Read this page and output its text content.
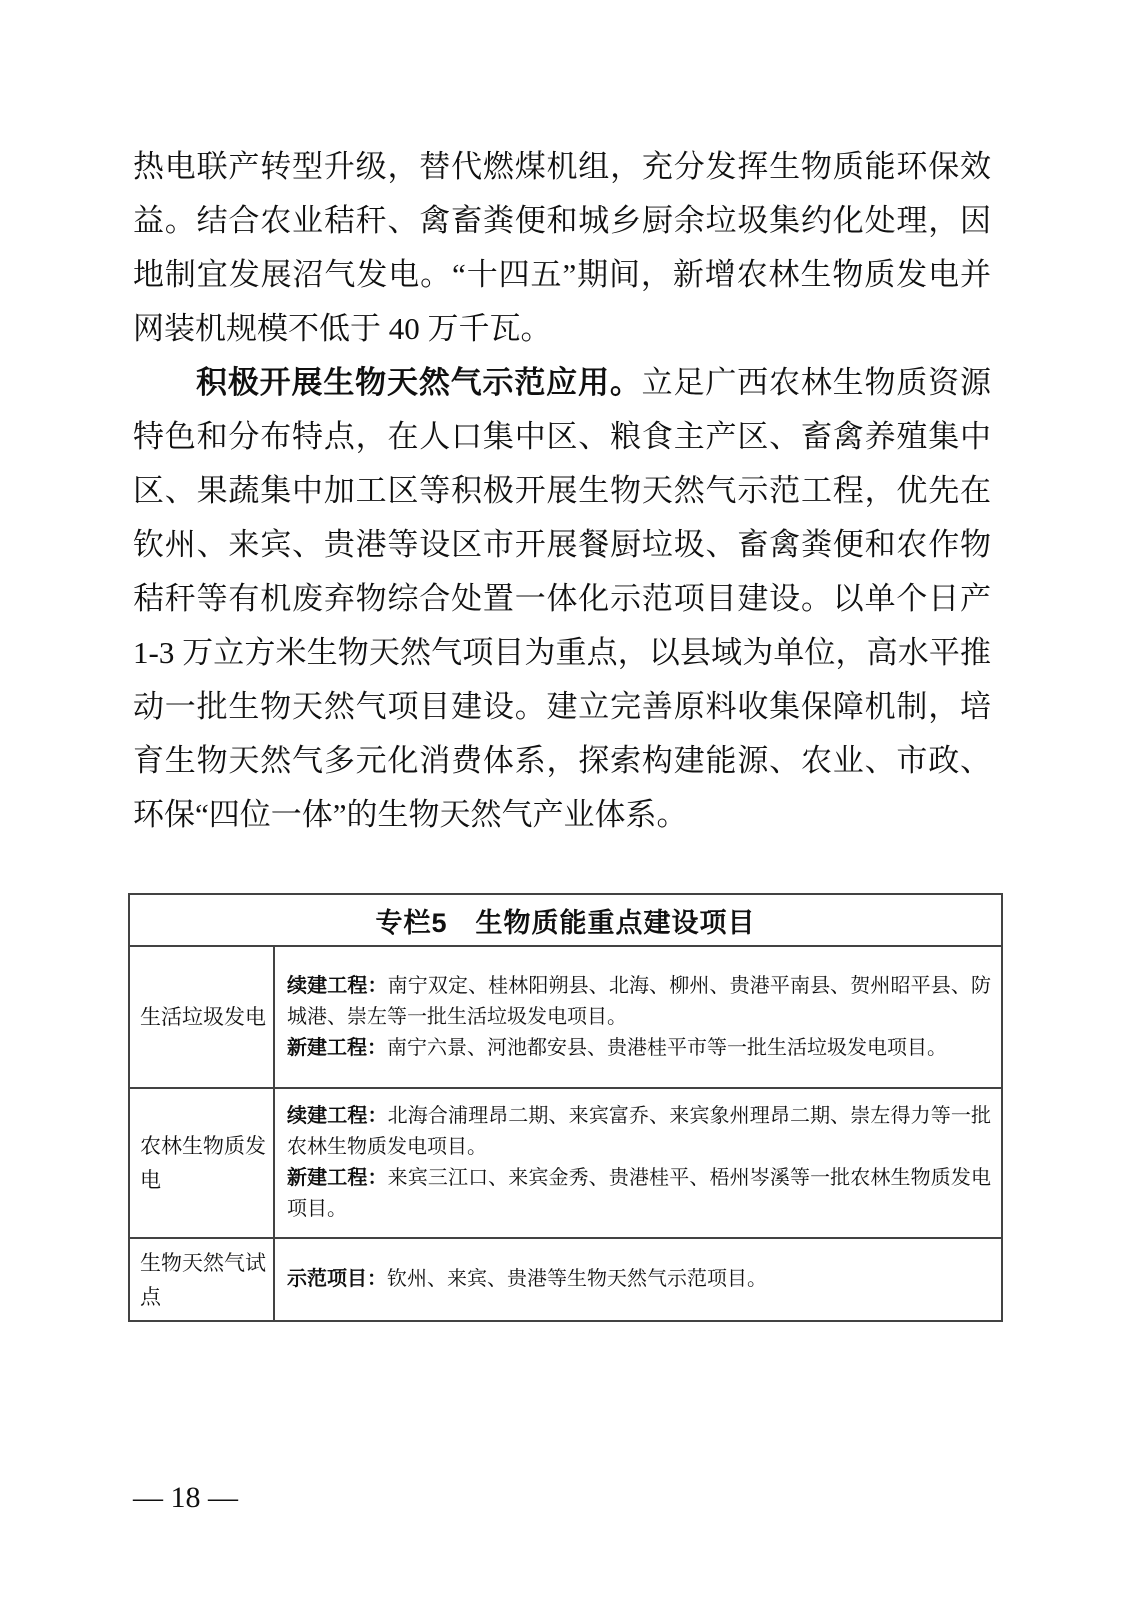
热电联产转型升级，替代燃煤机组，充分发挥生物质能环保效益。结合农业秸秆、禽畜粪便和城乡厨余垃圾集约化处理，因地制宜发展沼气发电。“十四五”期间，新增农林生物质发电并网装机规模不低于 40 万千瓦。

积极开展生物天然气示范应用。立足广西农林生物质资源特色和分布特点，在人口集中区、粮食主产区、畜禽养殖集中区、果蔬集中加工区等积极开展生物天然气示范工程，优先在钦州、来宾、贵港等设区市开展餐厨垃圾、畜禽粪便和农作物秸秆等有机废弃物综合处置一体化示范项目建设。以单个日产 1-3 万立方米生物天然气项目为重点，以县域为单位，高水平推动一批生物天然气项目建设。建立完善原料收集保障机制，培育生物天然气多元化消费体系，探索构建能源、农业、市政、环保“四位一体”的生物天然气产业体系。

专栏5　生物质能重点建设项目
生活垃圾发电

续建工程：南宁双定、桂林阳朔县、北海、柳州、贵港平南县、贺州昭平县、防城港、崇左等一批生活垃圾发电项目。

新建工程：南宁六景、河池都安县、贵港桂平市等一批生活垃圾发电项目。

农林生物质发电

续建工程：北海合浦理昂二期、来宾富乔、来宾象州理昂二期、崇左得力等一批农林生物质发电项目。

新建工程：来宾三江口、来宾金秀、贵港桂平、梧州岑溪等一批农林生物质发电项目。

生物天然气试点

示范项目：钦州、来宾、贵港等生物天然气示范项目。

— 18 —
